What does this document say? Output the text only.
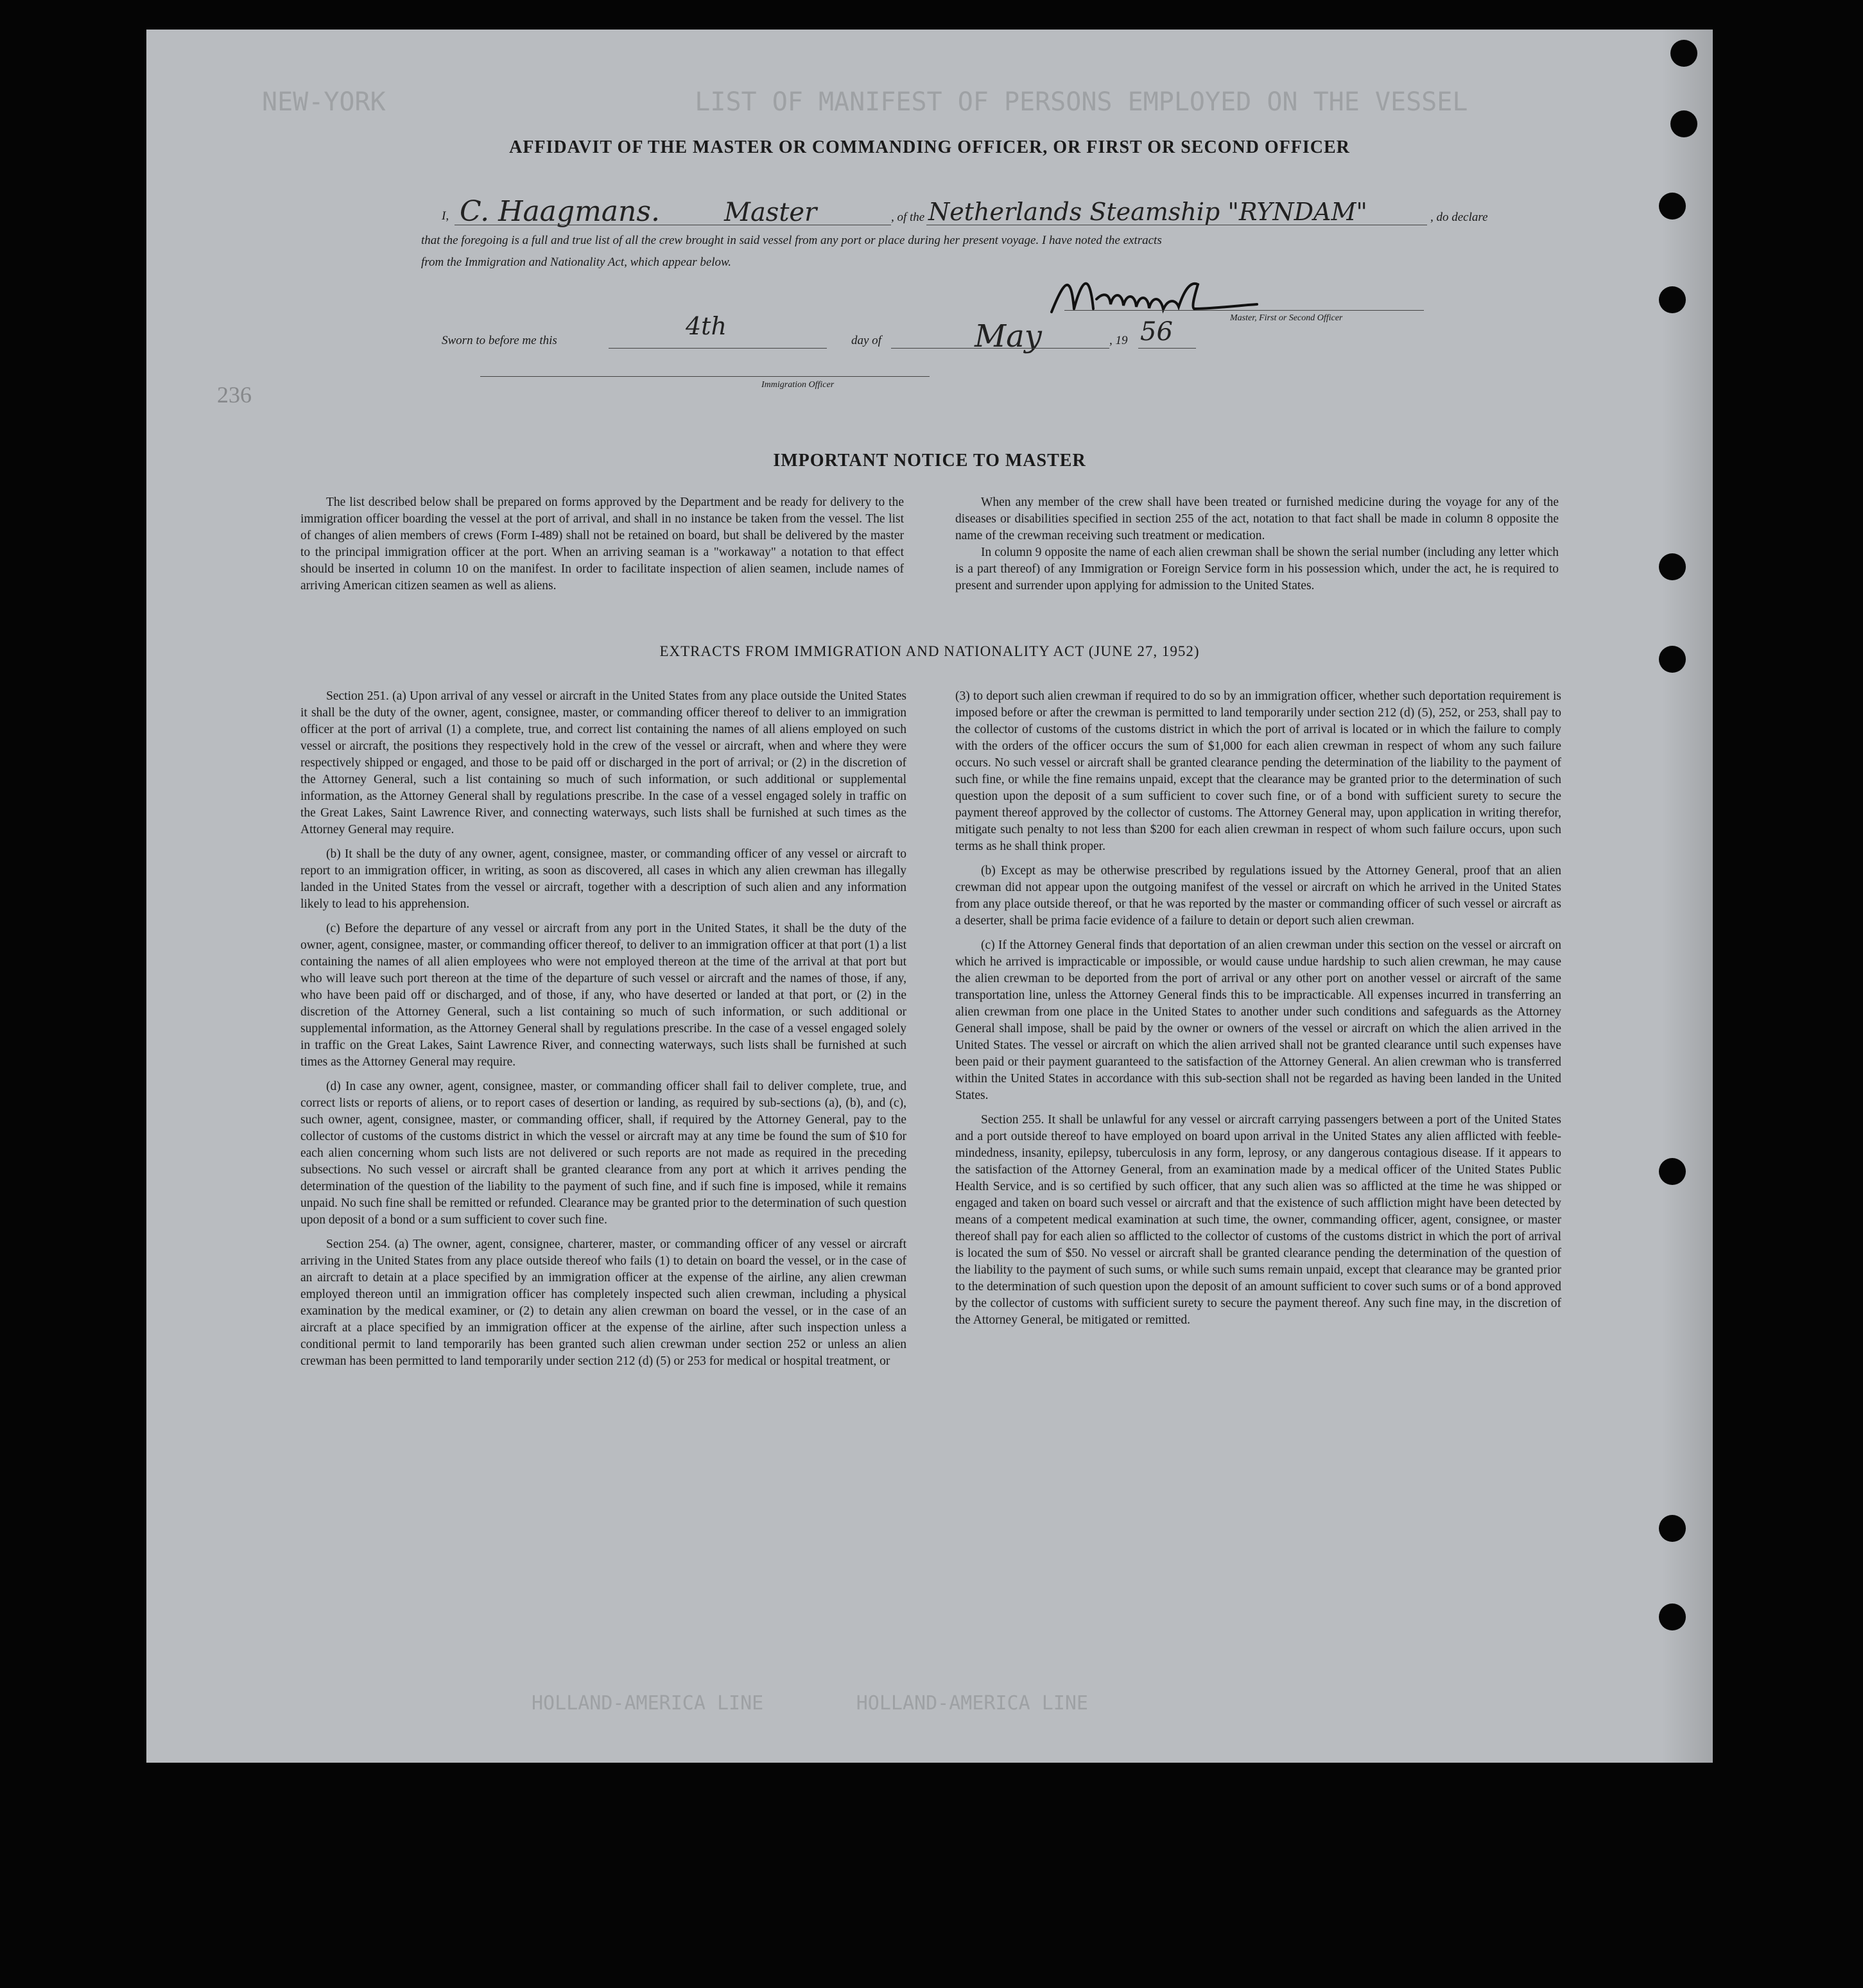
NEW-YORK                    LIST OF MANIFEST OF PERSONS EMPLOYED ON THE VESSEL
HOLLAND-AMERICA LINE        HOLLAND-AMERICA LINE
236
AFFIDAVIT OF THE MASTER OR COMMANDING OFFICER, OR FIRST OR SECOND OFFICER
I, C. Haagmans.	Master	, of the Netherlands Steamship "RYNDAM"	, do declare
that the foregoing is a full and true list of all the crew brought in said vessel from any port or place during her present voyage. I have noted the extracts
from the Immigration and Nationality Act, which appear below.
Master, First or Second Officer
Sworn to before me this
4th
day of	May	, 19 56
Immigration Officer
IMPORTANT NOTICE TO MASTER

The list described below shall be prepared on forms approved by the Department and be ready for delivery to the immigration officer boarding the vessel at the port of arrival, and shall in no instance be taken from the vessel. The list of changes of alien members of crews (Form I-489) shall not be retained on board, but shall be delivered by the master to the principal immigration officer at the port. When an arriving seaman is a "workaway" a notation to that effect should be inserted in column 10 on the manifest. In order to facilitate inspection of alien seamen, include names of arriving American citizen seamen as well as aliens.

When any member of the crew shall have been treated or furnished medicine during the voyage for any of the diseases or disabilities specified in section 255 of the act, notation to that fact shall be made in column 8 opposite the name of the crewman receiving such treatment or medication.

In column 9 opposite the name of each alien crewman shall be shown the serial number (including any letter which is a part thereof) of any Immigration or Foreign Service form in his possession which, under the act, he is required to present and surrender upon applying for admission to the United States.

EXTRACTS FROM IMMIGRATION AND NATIONALITY ACT (JUNE 27, 1952)

Section 251. (a) Upon arrival of any vessel or aircraft in the United States from any place outside the United States it shall be the duty of the owner, agent, consignee, master, or commanding officer thereof to deliver to an immigration officer at the port of arrival (1) a complete, true, and correct list containing the names of all aliens employed on such vessel or aircraft, the positions they respectively hold in the crew of the vessel or aircraft, when and where they were respectively shipped or engaged, and those to be paid off or discharged in the port of arrival; or (2) in the discretion of the Attorney General, such a list containing so much of such information, or such additional or supplemental information, as the Attorney General shall by regulations prescribe. In the case of a vessel engaged solely in traffic on the Great Lakes, Saint Lawrence River, and connecting waterways, such lists shall be furnished at such times as the Attorney General may require.

(b) It shall be the duty of any owner, agent, consignee, master, or commanding officer of any vessel or aircraft to report to an immigration officer, in writing, as soon as discovered, all cases in which any alien crewman has illegally landed in the United States from the vessel or aircraft, together with a description of such alien and any information likely to lead to his apprehension.

(c) Before the departure of any vessel or aircraft from any port in the United States, it shall be the duty of the owner, agent, consignee, master, or commanding officer thereof, to deliver to an immigration officer at that port (1) a list containing the names of all alien employees who were not employed thereon at the time of the arrival at that port but who will leave such port thereon at the time of the departure of such vessel or aircraft and the names of those, if any, who have been paid off or discharged, and of those, if any, who have deserted or landed at that port, or (2) in the discretion of the Attorney General, such a list containing so much of such information, or such additional or supplemental information, as the Attorney General shall by regulations prescribe. In the case of a vessel engaged solely in traffic on the Great Lakes, Saint Lawrence River, and connecting waterways, such lists shall be furnished at such times as the Attorney General may require.

(d) In case any owner, agent, consignee, master, or commanding officer shall fail to deliver complete, true, and correct lists or reports of aliens, or to report cases of desertion or landing, as required by sub-sections (a), (b), and (c), such owner, agent, consignee, master, or commanding officer, shall, if required by the Attorney General, pay to the collector of customs of the customs district in which the vessel or aircraft may at any time be found the sum of $10 for each alien concerning whom such lists are not delivered or such reports are not made as required in the preceding subsections. No such vessel or aircraft shall be granted clearance from any port at which it arrives pending the determination of the question of the liability to the payment of such fine, and if such fine is imposed, while it remains unpaid. No such fine shall be remitted or refunded. Clearance may be granted prior to the determination of such question upon deposit of a bond or a sum sufficient to cover such fine.

Section 254. (a) The owner, agent, consignee, charterer, master, or commanding officer of any vessel or aircraft arriving in the United States from any place outside thereof who fails (1) to detain on board the vessel, or in the case of an aircraft to detain at a place specified by an immigration officer at the expense of the airline, any alien crewman employed thereon until an immigration officer has completely inspected such alien crewman, including a physical examination by the medical examiner, or (2) to detain any alien crewman on board the vessel, or in the case of an aircraft at a place specified by an immigration officer at the expense of the airline, after such inspection unless a conditional permit to land temporarily has been granted such alien crewman under section 252 or unless an alien crewman has been permitted to land temporarily under section 212 (d) (5) or 253 for medical or hospital treatment, or

(3) to deport such alien crewman if required to do so by an immigration officer, whether such deportation requirement is imposed before or after the crewman is permitted to land temporarily under section 212 (d) (5), 252, or 253, shall pay to the collector of customs of the customs district in which the port of arrival is located or in which the failure to comply with the orders of the officer occurs the sum of $1,000 for each alien crewman in respect of whom any such failure occurs. No such vessel or aircraft shall be granted clearance pending the determination of the liability to the payment of such fine, or while the fine remains unpaid, except that the clearance may be granted prior to the determination of such question upon the deposit of a sum sufficient to cover such fine, or of a bond with sufficient surety to secure the payment thereof approved by the collector of customs. The Attorney General may, upon application in writing therefor, mitigate such penalty to not less than $200 for each alien crewman in respect of whom such failure occurs, upon such terms as he shall think proper.

(b) Except as may be otherwise prescribed by regulations issued by the Attorney General, proof that an alien crewman did not appear upon the outgoing manifest of the vessel or aircraft on which he arrived in the United States from any place outside thereof, or that he was reported by the master or commanding officer of such vessel or aircraft as a deserter, shall be prima facie evidence of a failure to detain or deport such alien crewman.

(c) If the Attorney General finds that deportation of an alien crewman under this section on the vessel or aircraft on which he arrived is impracticable or impossible, or would cause undue hardship to such alien crewman, he may cause the alien crewman to be deported from the port of arrival or any other port on another vessel or aircraft of the same transportation line, unless the Attorney General finds this to be impracticable. All expenses incurred in transferring an alien crewman from one place in the United States to another under such conditions and safeguards as the Attorney General shall impose, shall be paid by the owner or owners of the vessel or aircraft on which the alien arrived in the United States. The vessel or aircraft on which the alien arrived shall not be granted clearance until such expenses have been paid or their payment guaranteed to the satisfaction of the Attorney General. An alien crewman who is transferred within the United States in accordance with this sub-section shall not be regarded as having been landed in the United States.

Section 255. It shall be unlawful for any vessel or aircraft carrying passengers between a port of the United States and a port outside thereof to have employed on board upon arrival in the United States any alien afflicted with feeble-mindedness, insanity, epilepsy, tuberculosis in any form, leprosy, or any dangerous contagious disease. If it appears to the satisfaction of the Attorney General, from an examination made by a medical officer of the United States Public Health Service, and is so certified by such officer, that any such alien was so afflicted at the time he was shipped or engaged and taken on board such vessel or aircraft and that the existence of such affliction might have been detected by means of a competent medical examination at such time, the owner, commanding officer, agent, consignee, or master thereof shall pay for each alien so afflicted to the collector of customs of the customs district in which the port of arrival is located the sum of $50. No vessel or aircraft shall be granted clearance pending the determination of the question of the liability to the payment of such sums, or while such sums remain unpaid, except that clearance may be granted prior to the determination of such question upon the deposit of an amount sufficient to cover such sums or of a bond approved by the collector of customs with sufficient surety to secure the payment thereof. Any such fine may, in the discretion of the Attorney General, be mitigated or remitted.
